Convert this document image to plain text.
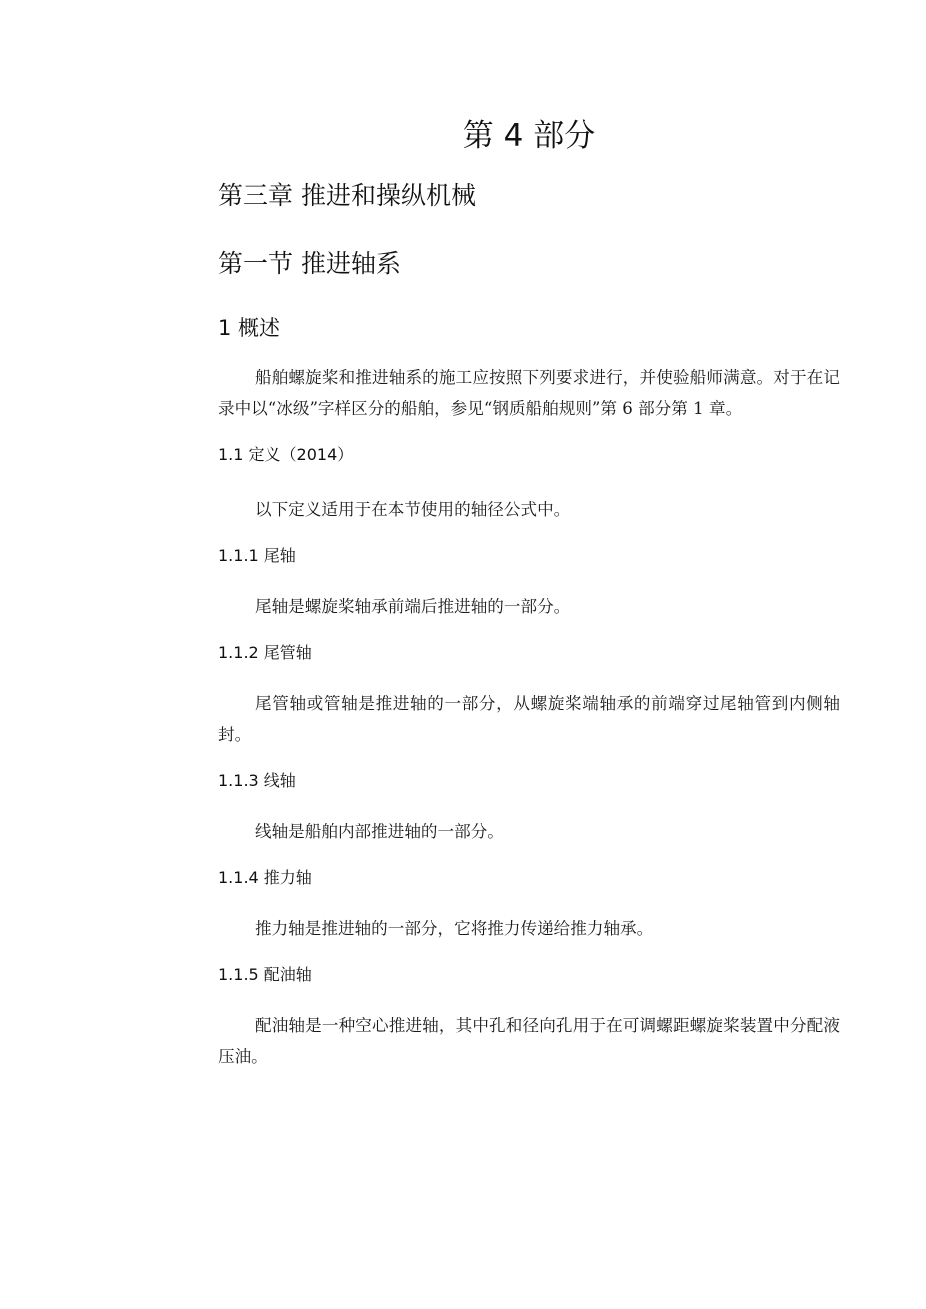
第 4 部分
第三章 推进和操纵机械
第一节 推进轴系
1 概述

船舶螺旋桨和推进轴系的施工应按照下列要求进行，并使验船师满意。对于在记录中以“冰级”字样区分的船舶，参见“钢质船舶规则”第 6 部分第 1 章。

1.1 定义（2014）

以下定义适用于在本节使用的轴径公式中。

1.1.1 尾轴

尾轴是螺旋桨轴承前端后推进轴的一部分。

1.1.2 尾管轴

尾管轴或管轴是推进轴的一部分，从螺旋桨端轴承的前端穿过尾轴管到内侧轴封。

1.1.3 线轴

线轴是船舶内部推进轴的一部分。

1.1.4 推力轴

推力轴是推进轴的一部分，它将推力传递给推力轴承。

1.1.5 配油轴

配油轴是一种空心推进轴，其中孔和径向孔用于在可调螺距螺旋桨装置中分配液压油。
